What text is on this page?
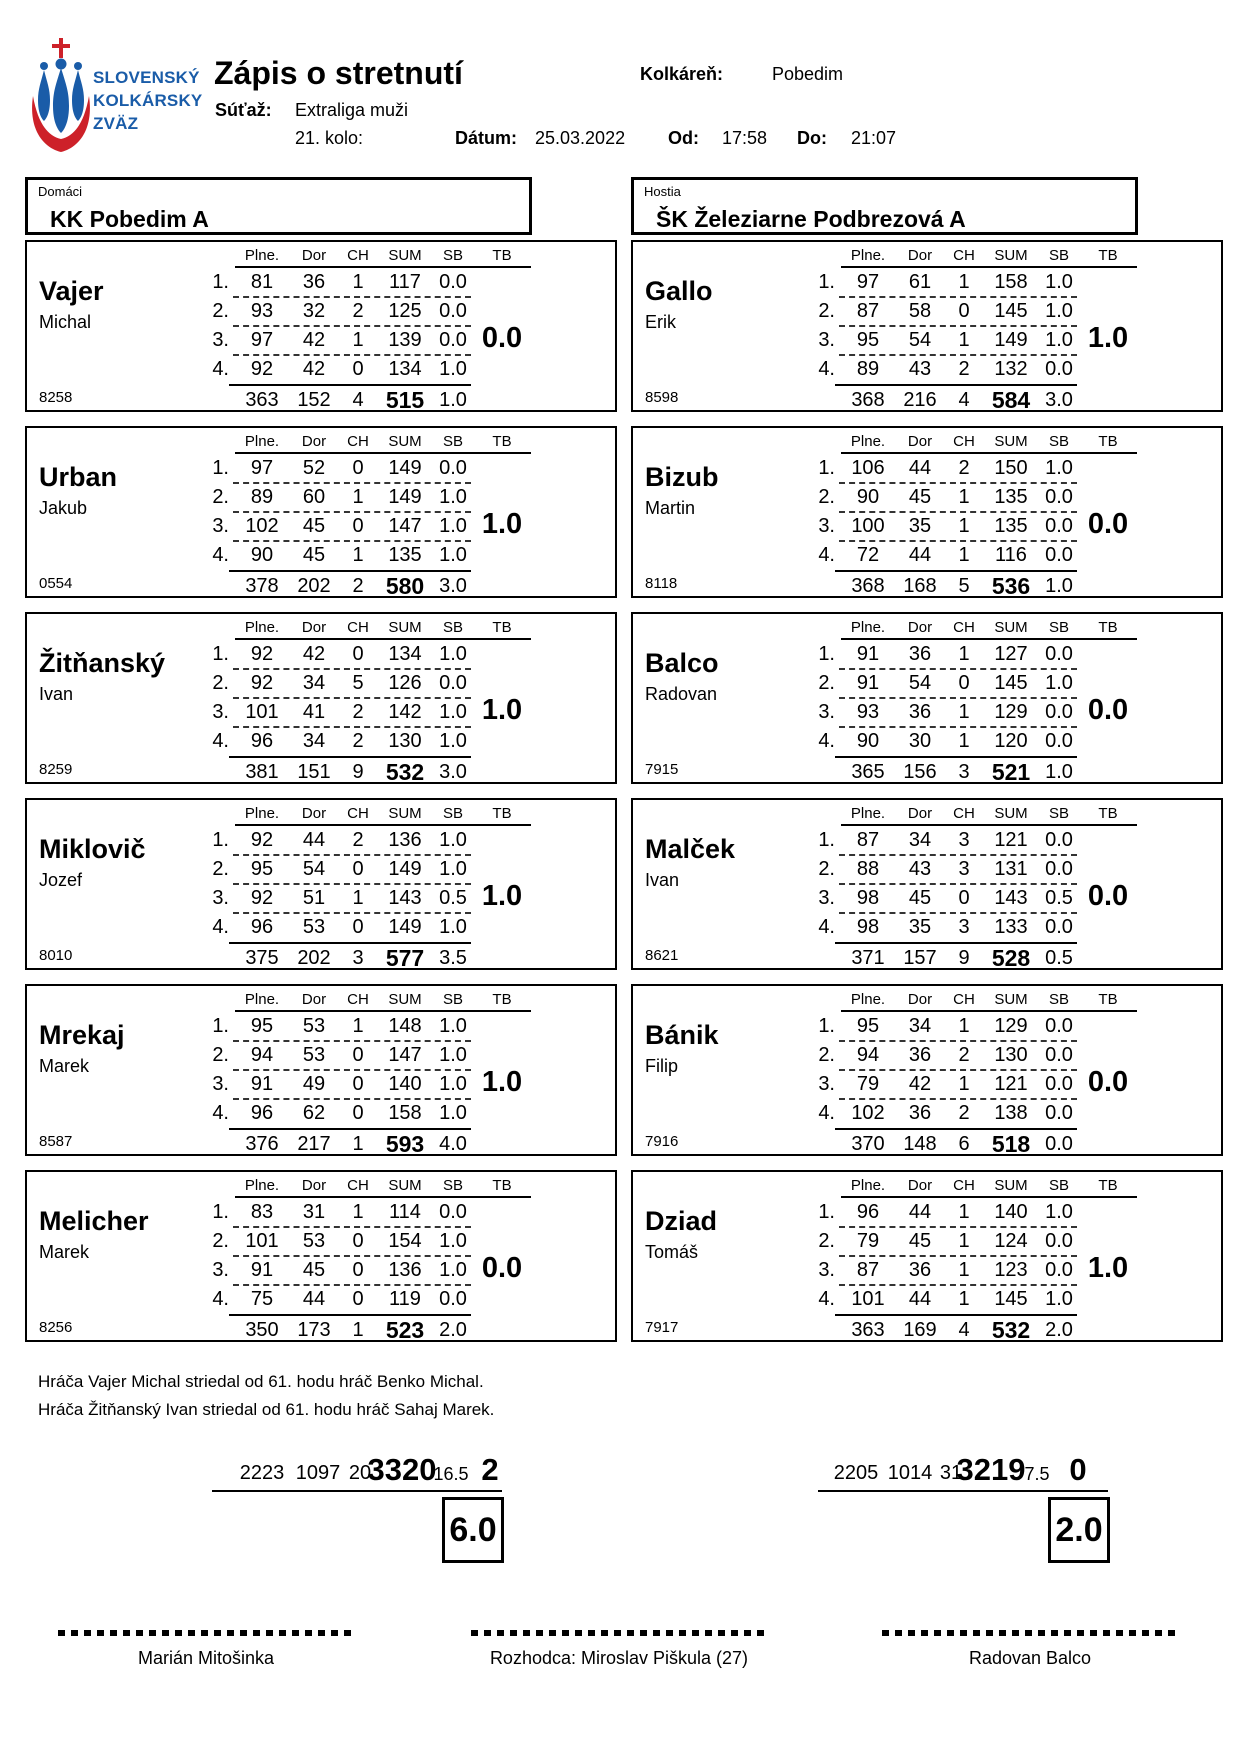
SLOVENSKÝ
KOLKÁRSKY
ZVÄZ
Zápis o stretnutí	Kolkáreň:	Pobedim
Súťaž: Extraliga muži
21. kolo:	Dátum: 25.03.2022 Od: 17:58 Do: 21:07
Domáci
KK Pobedim A
Hostia
ŠK Železiarne Podbrezová A
Vajer
Michal
8258
Plne.	Dor	CH	SUM	SB	TB
1.	81	36	1	117 0.0
2.	93	32	2	125 0.0
3.	97	42	1	139 0.0
4.	92	42	0	134 1.0
363 152	4 515 1.0
0.0
Urban
Jakub
0554
Plne.	Dor	CH	SUM	SB	TB
1.	97	52	0	149 0.0
2.	89	60	1	149 1.0
3. 102	45	0	147 1.0
4.	90	45	1	135 1.0
378 202	2 580 3.0
1.0
Žitňanský
Ivan
8259
Plne.	Dor	CH	SUM	SB	TB
1.	92	42	0	134 1.0
2.	92	34	5	126 0.0
3. 101	41	2	142 1.0
4.	96	34	2	130 1.0
381 151	9 532 3.0
1.0
Miklovič
Jozef
8010
Plne.	Dor	CH	SUM	SB	TB
1.	92	44	2	136 1.0
2.	95	54	0	149 1.0
3.	92	51	1	143 0.5
4.	96	53	0	149 1.0
375 202	3 577 3.5
1.0
Mrekaj
Marek
8587
Plne.	Dor	CH	SUM	SB	TB
1.	95	53	1	148 1.0
2.	94	53	0	147 1.0
3.	91	49	0	140 1.0
4.	96	62	0	158 1.0
376 217	1 593 4.0
1.0
Melicher
Marek
8256
Plne.	Dor	CH	SUM	SB	TB
1.	83	31	1	114 0.0
2. 101	53	0	154 1.0
3.	91	45	0	136 1.0
4.	75	44	0	119 0.0
350 173	1 523 2.0
0.0
Gallo
Erik
8598
Plne.	Dor	CH	SUM	SB	TB
1.	97	61	1	158 1.0
2.	87	58	0	145 1.0
3.	95	54	1	149 1.0
4.	89	43	2	132 0.0
368 216	4 584 3.0
1.0
Bizub
Martin
8118
Plne.	Dor	CH	SUM	SB	TB
1. 106	44	2	150 1.0
2.	90	45	1	135 0.0
3. 100	35	1	135 0.0
4.	72	44	1	116 0.0
368 168	5 536 1.0
0.0
Balco
Radovan
7915
Plne.	Dor	CH	SUM	SB	TB
1.	91	36	1	127 0.0
2.	91	54	0	145 1.0
3.	93	36	1	129 0.0
4.	90	30	1	120 0.0
365 156	3 521 1.0
0.0
Malček
Ivan
8621
Plne.	Dor	CH	SUM	SB	TB
1.	87	34	3	121 0.0
2.	88	43	3	131 0.0
3.	98	45	0	143 0.5
4.	98	35	3	133 0.0
371 157	9 528 0.5
0.0
Bánik
Filip
7916
Plne.	Dor	CH	SUM	SB	TB
1.	95	34	1	129 0.0
2.	94	36	2	130 0.0
3.	79	42	1	121 0.0
4. 102	36	2	138 0.0
370 148	6 518 0.0
0.0
Dziad
Tomáš
7917
Plne.	Dor	CH	SUM	SB	TB
1.	96	44	1	140 1.0
2.	79	45	1	124 0.0
3.	87	36	1	123 0.0
4. 101	44	1	145 1.0
363 169	4 532 2.0
1.0
Hráča Vajer Michal striedal od 61. hodu hráč Benko Michal.
Hráča Žitňanský Ivan striedal od 61. hodu hráč Sahaj Marek.
2223 1097 20
3320
16.5 2
6.0
2205 1014 31
3219 7.5 0
2.0
Marián Mitošinka	Rozhodca: Miroslav Piškula (27)	Radovan Balco
